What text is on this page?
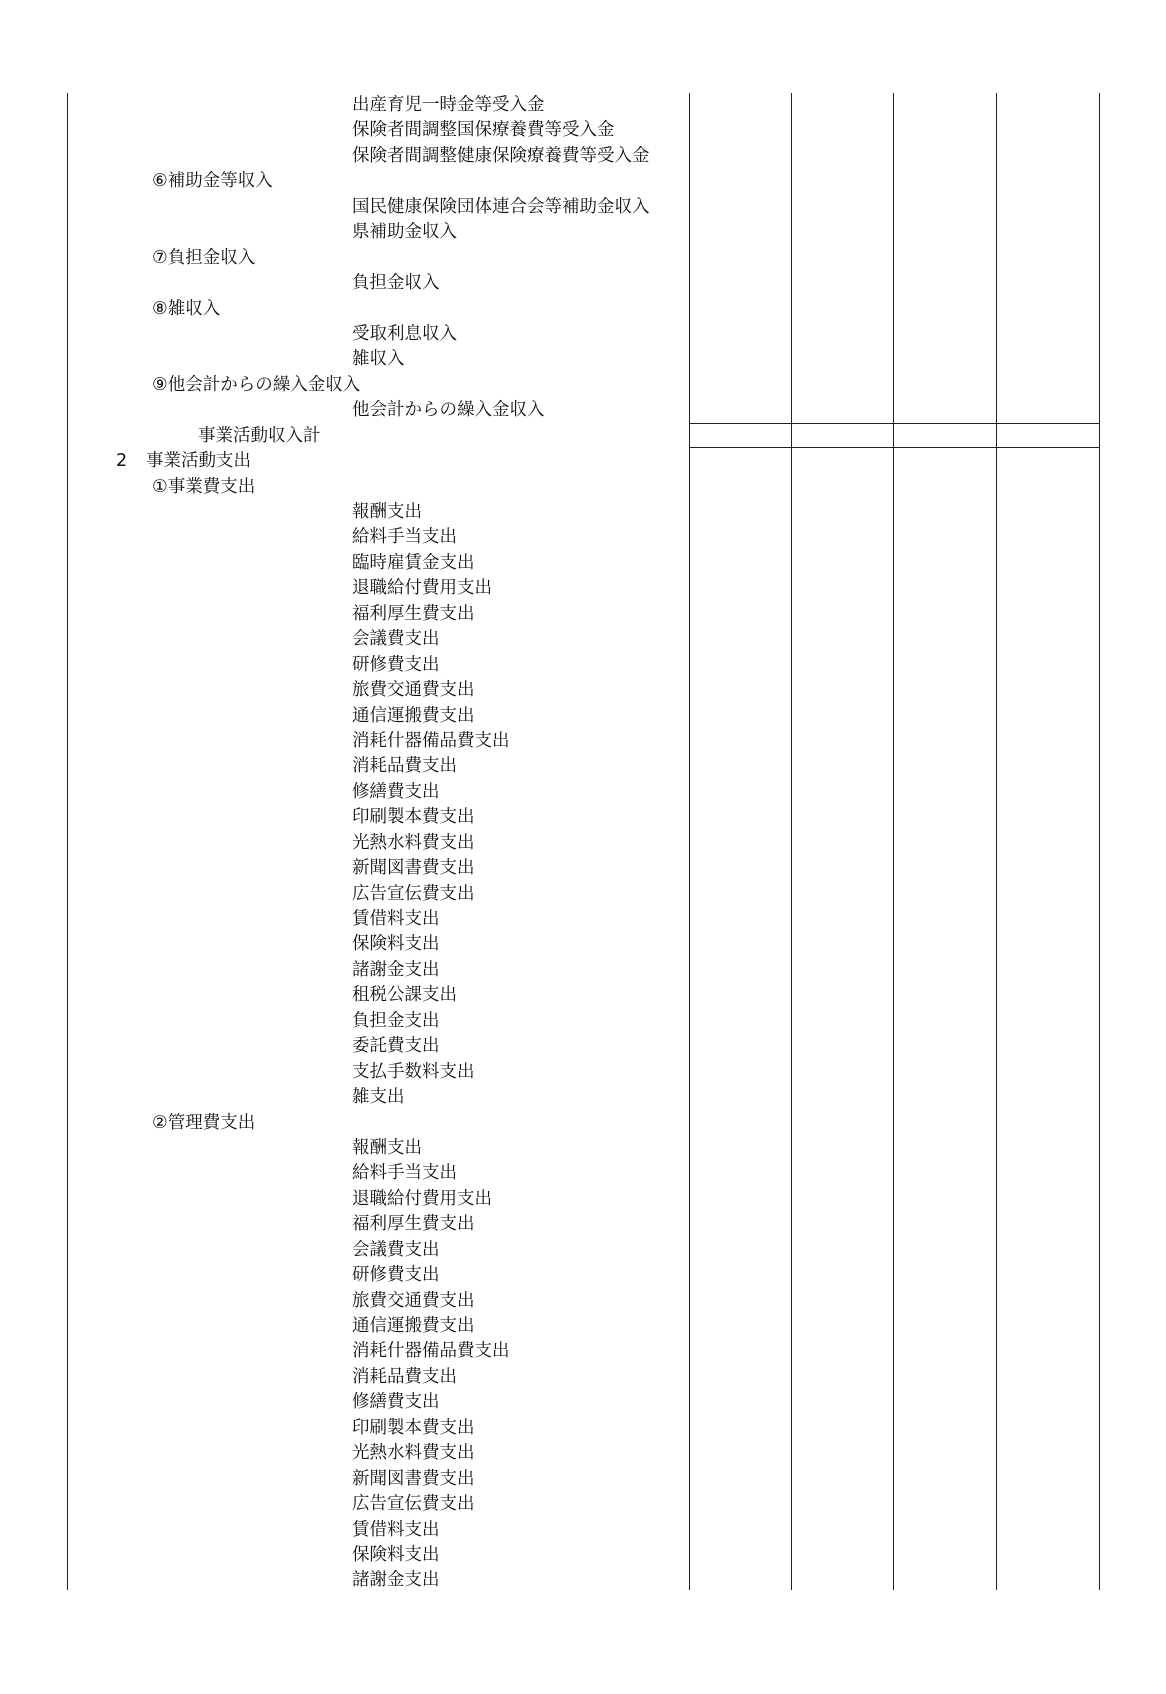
出産育児一時金等受入金
保険者間調整国保療養費等受入金
保険者間調整健康保険療養費等受入金
⑥補助金等収入
国民健康保険団体連合会等補助金収入
県補助金収入
⑦負担金収入
負担金収入
⑧雑収入
受取利息収入
雑収入
⑨他会計からの繰入金収入
他会計からの繰入金収入
事業活動収入計
2 事業活動支出
①事業費支出
報酬支出
給料手当支出
臨時雇賃金支出
退職給付費用支出
福利厚生費支出
会議費支出
研修費支出
旅費交通費支出
通信運搬費支出
消耗什器備品費支出
消耗品費支出
修繕費支出
印刷製本費支出
光熱水料費支出
新聞図書費支出
広告宣伝費支出
賃借料支出
保険料支出
諸謝金支出
租税公課支出
負担金支出
委託費支出
支払手数料支出
雑支出
②管理費支出
報酬支出
給料手当支出
退職給付費用支出
福利厚生費支出
会議費支出
研修費支出
旅費交通費支出
通信運搬費支出
消耗什器備品費支出
消耗品費支出
修繕費支出
印刷製本費支出
光熱水料費支出
新聞図書費支出
広告宣伝費支出
賃借料支出
保険料支出
諸謝金支出
